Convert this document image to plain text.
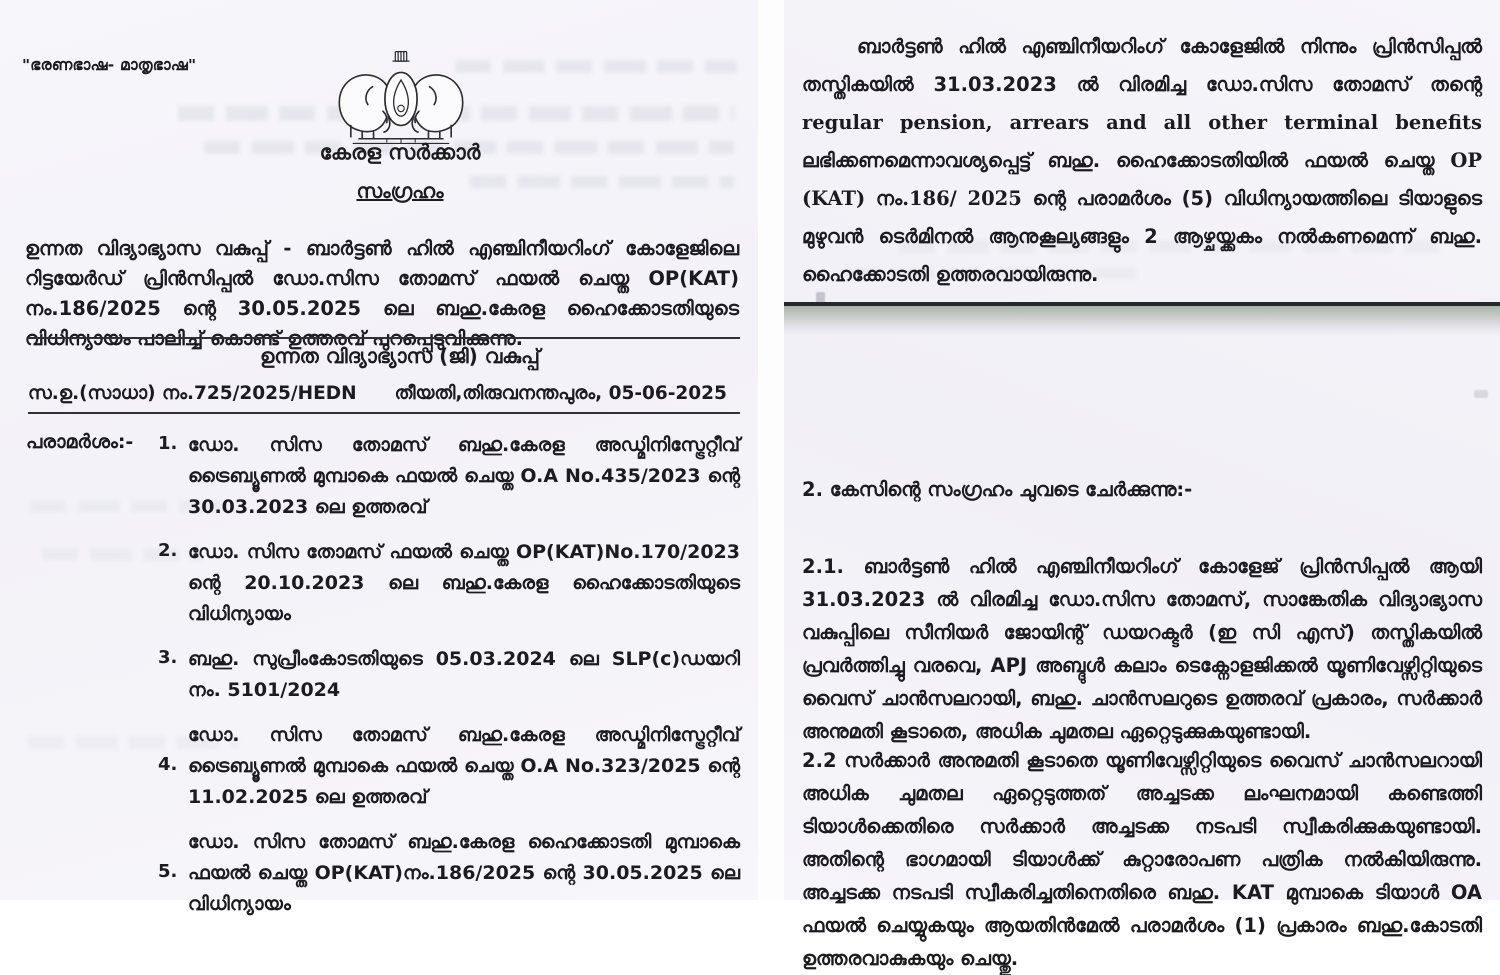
"ഭരണഭാഷ- മാതൃഭാഷ"
കേരള സർക്കാർ
സംഗ്രഹം

ഉന്നത വിദ്യാഭ്യാസ വകുപ്പ് - ബാർട്ടൺ ഹിൽ എഞ്ചിനീയറിംഗ് കോളേജിലെ റിട്ടയേർഡ് പ്രിൻസിപ്പൽ ഡോ.സിസ തോമസ് ഫയൽ ചെയ്ത OP(KAT) നം.186/2025 ന്റെ 30.05.2025 ലെ ബഹു.കേരള ഹൈക്കോടതിയുടെ വിധിന്യായം പാലിച്ച് കൊണ്ട് ഉത്തരവ് പുറപ്പെടുവിക്കുന്നു.

ഉന്നത വിദ്യാഭ്യാസ (ജി) വകുപ്പ്
സ.ഉ.(സാധാ) നം.725/2025/HEDN തീയതി,തിരുവനന്തപുരം, 05-06-2025
പരാമർശം:- 1. ഡോ. സിസ തോമസ് ബഹു.കേരള അഡ്മിനിസ്ട്രേറ്റീവ് ട്രൈബ്യൂണൽ മുമ്പാകെ ഫയൽ ചെയ്ത O.A No.435/2023 ന്റെ 30.03.2023 ലെ ഉത്തരവ്
2. ഡോ. സിസ തോമസ് ഫയൽ ചെയ്ത OP(KAT)No.170/2023 ന്റെ 20.10.2023 ലെ ബഹു.കേരള ഹൈക്കോടതിയുടെ വിധിന്യായം
3. ബഹു. സുപ്രീംകോടതിയുടെ 05.03.2024 ലെ SLP(c)ഡയറി നം. 5101/2024
4.
ഡോ. സിസ തോമസ് ബഹു.കേരള അഡ്മിനിസ്ട്രേറ്റീവ് ട്രൈബ്യൂണൽ മുമ്പാകെ ഫയൽ ചെയ്ത O.A No.323/2025 ന്റെ 11.02.2025 ലെ ഉത്തരവ്
5.
ഡോ. സിസ തോമസ് ബഹു.കേരള ഹൈക്കോടതി മുമ്പാകെ ഫയൽ ചെയ്ത OP(KAT)നം.186/2025 ന്റെ 30.05.2025 ലെ വിധിന്യായം

ബാർട്ടൺ ഹിൽ എഞ്ചിനീയറിംഗ് കോളേജിൽ നിന്നും പ്രിൻസിപ്പൽ തസ്തികയിൽ 31.03.2023 ൽ വിരമിച്ച ഡോ.സിസ തോമസ് തന്റെ regular pension, arrears and all other terminal benefits ലഭിക്കണമെന്നാവശ്യപ്പെട്ട് ബഹു. ഹൈക്കോടതിയിൽ ഫയൽ ചെയ്ത OP (KAT) നം.186/ 2025 ന്റെ പരാമർശം (5) വിധിന്യായത്തിലെ ടിയാളുടെ മുഴുവൻ ടെർമിനൽ ആനുകൂല്യങ്ങളും 2 ആഴ്ചയ്ക്കകം നൽകണമെന്ന് ബഹു. ഹൈക്കോടതി ഉത്തരവായിരുന്നു.

2. കേസിന്റെ സംഗ്രഹം ചുവടെ ചേർക്കുന്നു:-

2.1. ബാർട്ടൺ ഹിൽ എഞ്ചിനീയറിംഗ് കോളേജ് പ്രിൻസിപ്പൽ ആയി 31.03.2023 ൽ വിരമിച്ച ഡോ.സിസ തോമസ്, സാങ്കേതിക വിദ്യാഭ്യാസ വകുപ്പിലെ സീനിയർ ജോയിന്റ് ഡയറക്ടർ (ഇ സി എസ്) തസ്തികയിൽ പ്രവർത്തിച്ചു വരവെ, APJ അബ്ദുൾ കലാം ടെക്നോളജിക്കൽ യൂണിവേഴ്സിറ്റിയുടെ വൈസ് ചാൻസലറായി, ബഹു. ചാൻസലറുടെ ഉത്തരവ് പ്രകാരം, സർക്കാർ അനുമതി കൂടാതെ, അധിക ചുമതല ഏറ്റെടുക്കുകയുണ്ടായി.

2.2 സർക്കാർ അനുമതി കൂടാതെ യൂണിവേഴ്സിറ്റിയുടെ വൈസ് ചാൻസലറായി അധിക ചുമതല ഏറ്റെടുത്തത് അച്ചടക്ക ലംഘനമായി കണ്ടെത്തി ടിയാൾക്കെതിരെ സർക്കാർ അച്ചടക്ക നടപടി സ്വീകരിക്കുകയുണ്ടായി. അതിന്റെ ഭാഗമായി ടിയാൾക്ക് കുറ്റാരോപണ പത്രിക നൽകിയിരുന്നു. അച്ചടക്ക നടപടി സ്വീകരിച്ചതിനെതിരെ ബഹു. KAT മുമ്പാകെ ടിയാൾ OA ഫയൽ ചെയ്യുകയും ആയതിൻമേൽ പരാമർശം (1) പ്രകാരം ബഹു.കോടതി ഉത്തരവാകുകയും ചെയ്തു.
